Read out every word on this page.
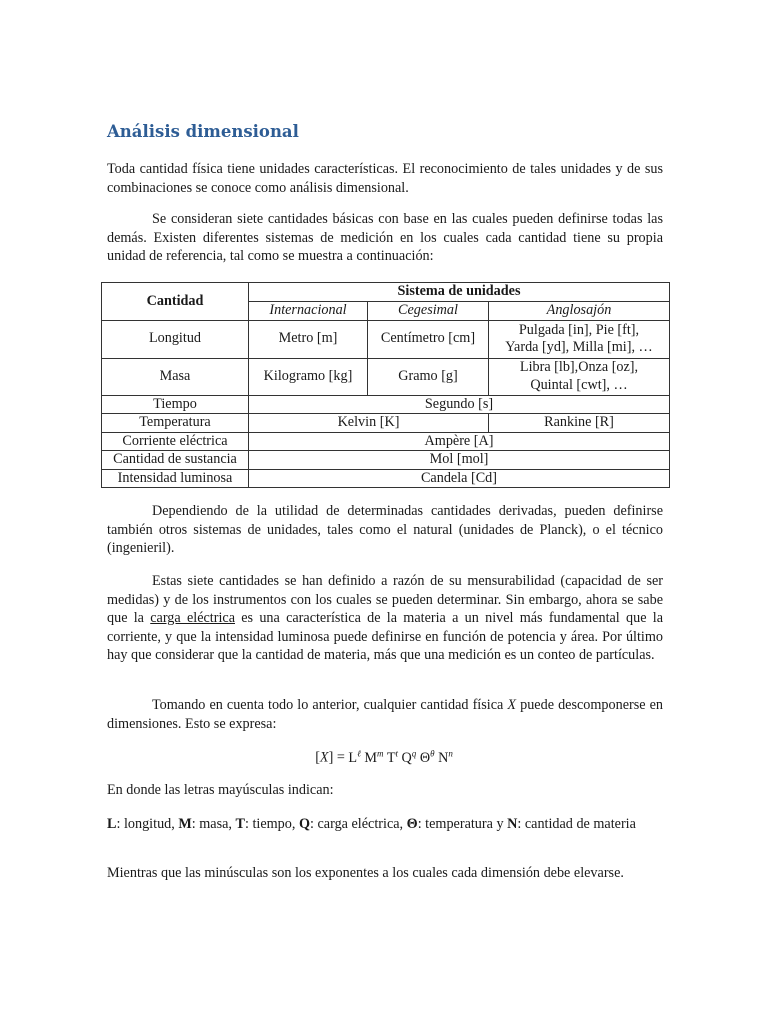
Análisis dimensional

Toda cantidad física tiene unidades características. El reconocimiento de tales unidades y de sus combinaciones se conoce como análisis dimensional.

Se consideran siete cantidades básicas con base en las cuales pueden definirse todas las demás. Existen diferentes sistemas de medición en los cuales cada cantidad tiene su propia unidad de referencia, tal como se muestra a continuación:

Cantidad	Sistema de unidades		
	Internacional	Cegesimal	Anglosajón
Longitud	Metro [m]	Centímetro [cm]	Pulgada [in], Pie [ft],
Yarda [yd], Milla [mi], …

Masa	Kilogramo [kg]	Gramo [g]	Libra [lb],Onza [oz],
Quintal [cwt], …

Tiempo	Segundo [s]		
Temperatura	Kelvin [K]		Rankine [R]
Corriente eléctrica	Ampère [A]		
Cantidad de sustancia	Mol [mol]		
Intensidad luminosa	Candela [Cd]		

Dependiendo de la utilidad de determinadas cantidades derivadas, pueden definirse también otros sistemas de unidades, tales como el natural (unidades de Planck), o el técnico (ingenieril).

Estas siete cantidades se han definido a razón de su mensurabilidad (capacidad de ser medidas) y de los instrumentos con los cuales se pueden determinar. Sin embargo, ahora se sabe que la carga eléctrica es una característica de la materia a un nivel más fundamental que la corriente, y que la intensidad luminosa puede definirse en función de potencia y área. Por último hay que considerar que la cantidad de materia, más que una medición es un conteo de partículas.

Tomando en cuenta todo lo anterior, cualquier cantidad física X puede descomponerse en dimensiones. Esto se expresa:

$[X] = L^\ell$ $M^m$ $T^t$ $Q^q$ $\Theta^\theta$ $N^n$

En donde las letras mayúsculas indican:

L: longitud, M: masa, T: tiempo, Q: carga eléctrica, Θ: temperatura y N: cantidad de materia

Mientras que las minúsculas son los exponentes a los cuales cada dimensión debe elevarse.
